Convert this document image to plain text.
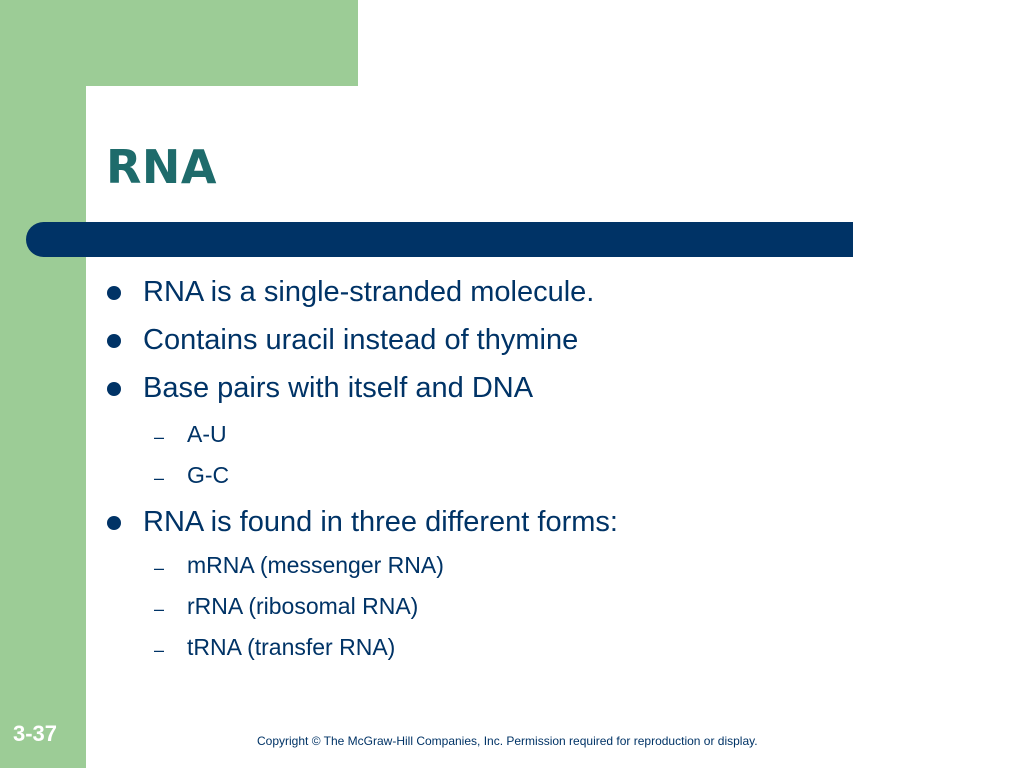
RNA
RNA is a single-stranded molecule.
Contains uracil instead of thymine
Base pairs with itself and DNA
– A-U
– G-C
RNA is found in three different forms:
– mRNA (messenger RNA)
– rRNA (ribosomal RNA)
– tRNA (transfer RNA)
3-37	Copyright © The McGraw-Hill Companies, Inc. Permission required for reproduction or display.
